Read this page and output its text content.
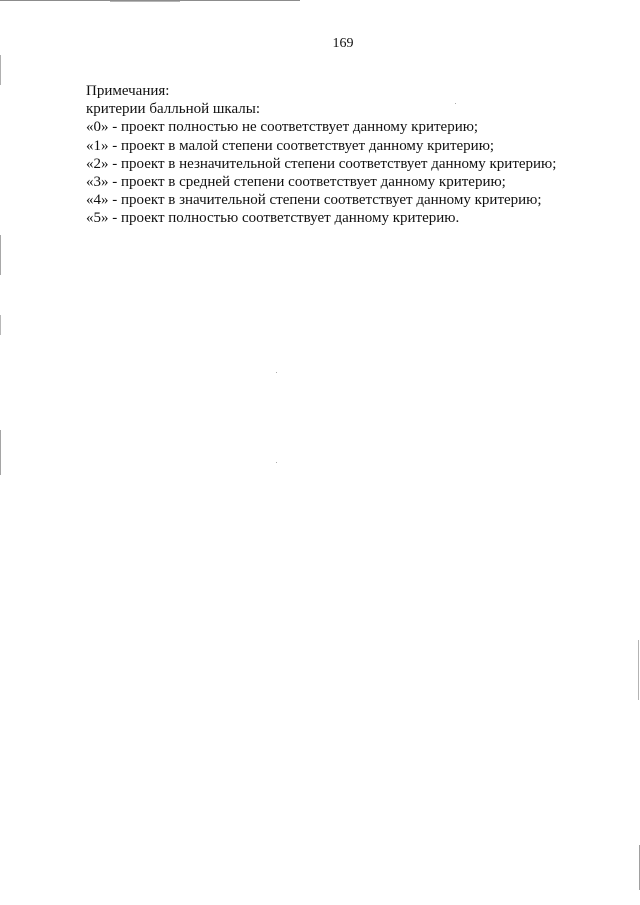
169
Примечания:
критерии балльной шкалы:
«0» - проект полностью не соответствует данному критерию;
«1» - проект в малой степени соответствует данному критерию;
«2» - проект в незначительной степени соответствует данному критерию;
«3» - проект в средней степени соответствует данному критерию;
«4» - проект в значительной степени соответствует данному критерию;
«5» - проект полностью соответствует данному критерию.
